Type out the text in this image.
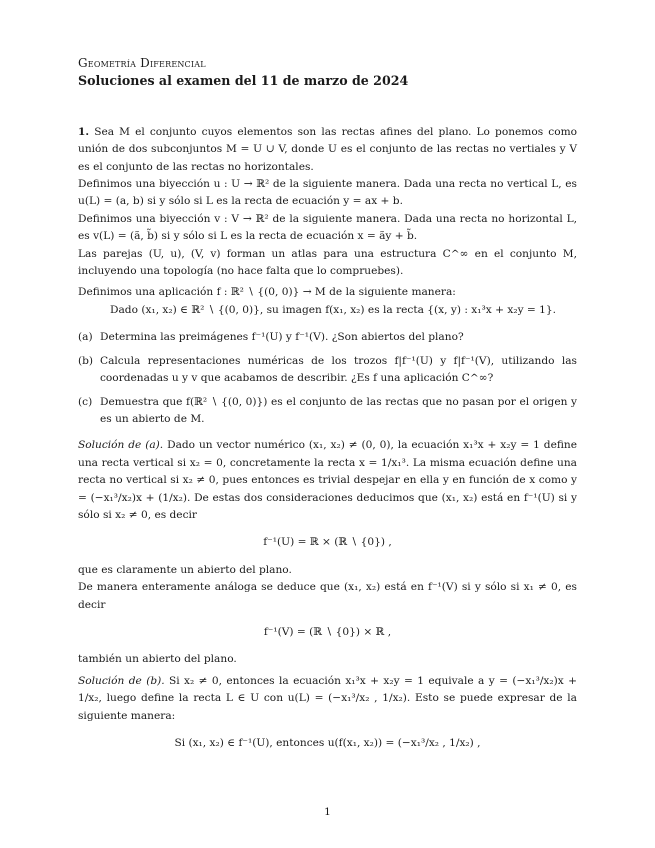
Geometría Diferencial
Soluciones al examen del 11 de marzo de 2024

1. Sea M el conjunto cuyos elementos son las rectas afines del plano. Lo ponemos como unión de dos subconjuntos M = U ∪ V, donde U es el conjunto de las rectas no vertiales y V es el conjunto de las rectas no horizontales.

Definimos una biyección u : U → ℝ² de la siguiente manera. Dada una recta no vertical L, es u(L) = (a, b) si y sólo si L es la recta de ecuación y = ax + b.

Definimos una biyección v : V → ℝ² de la siguiente manera. Dada una recta no horizontal L, es v(L) = (ã, b̃) si y sólo si L es la recta de ecuación x = ãy + b̃.

Las parejas (U, u), (V, v) forman un atlas para una estructura C^∞ en el conjunto M, incluyendo una topología (no hace falta que lo compruebes).

Definimos una aplicación f : ℝ² ∖ {(0, 0)} → M de la siguiente manera:

Dado (x₁, x₂) ∈ ℝ² ∖ {(0, 0)}, su imagen f(x₁, x₂) es la recta {(x, y) : x₁³x + x₂y = 1}.

(a) Determina las preimágenes f⁻¹(U) y f⁻¹(V). ¿Son abiertos del plano?
(b) Calcula representaciones numéricas de los trozos f|f⁻¹(U) y f|f⁻¹(V), utilizando las coordenadas u y v que acabamos de describir. ¿Es f una aplicación C^∞?
(c) Demuestra que f(ℝ² ∖ {(0, 0)}) es el conjunto de las rectas que no pasan por el origen y es un abierto de M.

Solución de (a). Dado un vector numérico (x₁, x₂) ≠ (0, 0), la ecuación x₁³x + x₂y = 1 define una recta vertical si x₂ = 0, concretamente la recta x = 1/x₁³. La misma ecuación define una recta no vertical si x₂ ≠ 0, pues entonces es trivial despejar en ella y en función de x como y = (−x₁³/x₂)x + (1/x₂). De estas dos consideraciones deducimos que (x₁, x₂) está en f⁻¹(U) si y sólo si x₂ ≠ 0, es decir

f⁻¹(U) = ℝ × (ℝ ∖ {0}) ,

que es claramente un abierto del plano.

De manera enteramente análoga se deduce que (x₁, x₂) está en f⁻¹(V) si y sólo si x₁ ≠ 0, es decir

f⁻¹(V) = (ℝ ∖ {0}) × ℝ ,

también un abierto del plano.

Solución de (b). Si x₂ ≠ 0, entonces la ecuación x₁³x + x₂y = 1 equivale a y = (−x₁³/x₂)x + 1/x₂, luego define la recta L ∈ U con u(L) = (−x₁³/x₂ , 1/x₂). Esto se puede expresar de la siguiente manera:

Si (x₁, x₂) ∈ f⁻¹(U), entonces u(f(x₁, x₂)) = (−x₁³/x₂ , 1/x₂) ,
1
